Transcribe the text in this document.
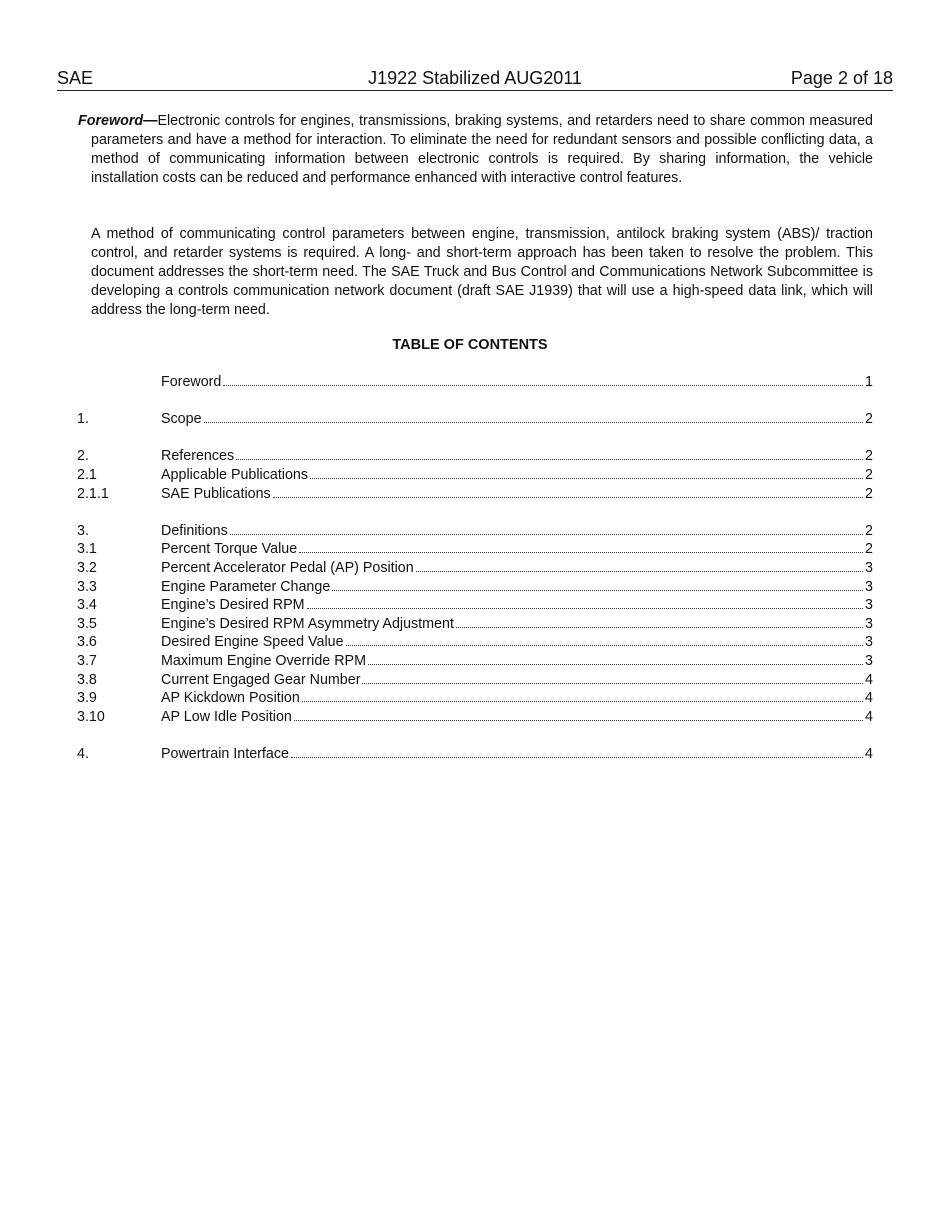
SAE	J1922 Stabilized AUG2011	Page 2 of 18
Foreword—Electronic controls for engines, transmissions, braking systems, and retarders need to share common measured parameters and have a method for interaction. To eliminate the need for redundant sensors and possible conflicting data, a method of communicating information between electronic controls is required. By sharing information, the vehicle installation costs can be reduced and performance enhanced with interactive control features.
A method of communicating control parameters between engine, transmission, antilock braking system (ABS)/ traction control, and retarder systems is required. A long- and short-term approach has been taken to resolve the problem. This document addresses the short-term need. The SAE Truck and Bus Control and Communications Network Subcommittee is developing a controls communication network document (draft SAE J1939) that will use a high-speed data link, which will address the long-term need.
TABLE OF CONTENTS
Foreword	1
1.	Scope	2
2.	References	2
2.1	Applicable Publications	2
2.1.1	SAE Publications	2
3.	Definitions	2
3.1	Percent Torque Value	2
3.2	Percent Accelerator Pedal (AP) Position	3
3.3	Engine Parameter Change	3
3.4	Engine’s Desired RPM	3
3.5	Engine’s Desired RPM Asymmetry Adjustment	3
3.6	Desired Engine Speed Value	3
3.7	Maximum Engine Override RPM	3
3.8	Current Engaged Gear Number	4
3.9	AP Kickdown Position	4
3.10	AP Low Idle Position	4
4.	Powertrain Interface	4
